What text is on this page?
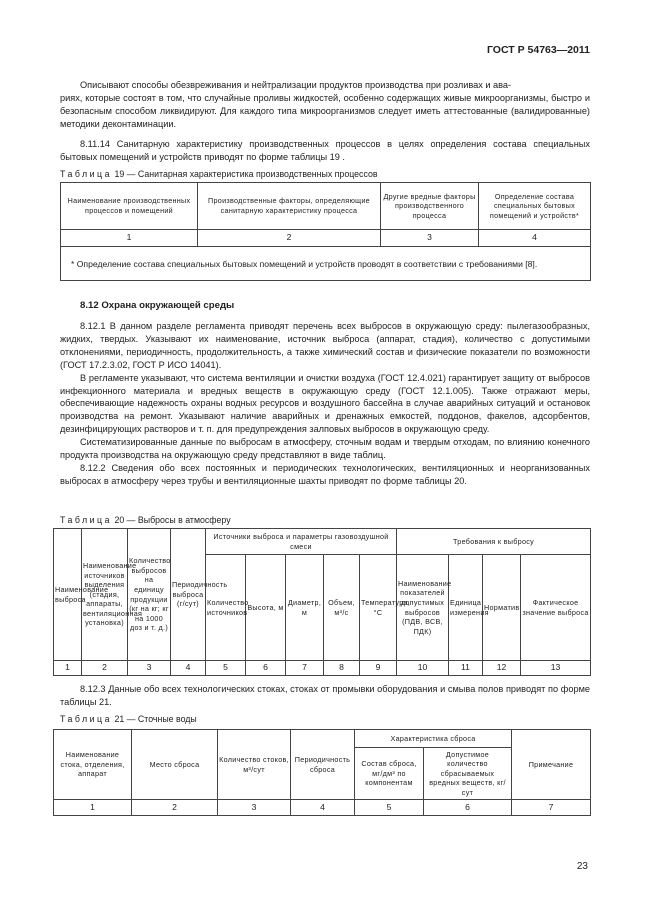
ГОСТ Р 54763—2011

Описывают способы обезвреживания и нейтрализации продуктов производства при розливах и ава-

риях, которые состоят в том, что случайные проливы жидкостей, особенно содержащих живые микроорганизмы, быстро и безопасным способом ликвидируют. Для каждого типа микроорганизмов следует иметь аттестованные (валидированные) методики деконтаминации.

8.11.14 Санитарную характеристику производственных процессов в целях определения состава специальных бытовых помещений и устройств приводят по форме таблицы 19 .

Таблица 19 — Санитарная характеристика производственных процессов
Наименование производственных процессов и помещений	Производственные факторы, определяющие санитарную характеристику процесса	Другие вредные факторы производственного процесса	Определение состава специальных бытовых помещений и устройств*
1	2	3	4
* Определение состава специальных бытовых помещений и устройств проводят в соответствии с требованиями [8].			
8.12 Охрана окружающей среды

8.12.1 В данном разделе регламента приводят перечень всех выбросов в окружающую среду: пылегазообразных, жидких, твердых. Указывают их наименование, источник выброса (аппарат, стадия), количество с допустимыми отклонениями, периодичность, продолжительность, а также химический состав и физические показатели по возможности (ГОСТ 17.2.3.02, ГОСТ Р ИСО 14041).

В регламенте указывают, что система вентиляции и очистки воздуха (ГОСТ 12.4.021) гарантирует защиту от выбросов инфекционного материала и вредных веществ в окружающую среду (ГОСТ 12.1.005). Также отражают меры, обеспечивающие надежность охраны водных ресурсов и воздушного бассейна в случае аварийных ситуаций и остановок производства на ремонт. Указывают наличие аварийных и дренажных емкостей, поддонов, факелов, адсорбентов, дезинфицирующих растворов и т. п. для предупреждения залповых выбросов в окружающую среду.

Систематизированные данные по выбросам в атмосферу, сточным водам и твердым отходам, по влиянию конечного продукта производства на окружающую среду представляют в виде таблиц.

8.12.2 Сведения обо всех постоянных и периодических технологических, вентиляционных и неорганизованных выбросах в атмосферу через трубы и вентиляционные шахты приводят по форме таблицы 20.

Таблица 20 — Выбросы в атмосферу
Наименование выброса	Наименование источников выделения (стадия, аппараты, вентиляционная установка)	Количество выбросов на единицу продукции (кг на кг; кг на 1000 доз и т. д.)	Периодичность выброса (г/сут)	Источники выброса и параметры газовоздушной смеси					Требования к выбросу			
				Количество источников	Высота, м	Диаметр, м	Объем, м³/с	Температура, °С	Наименование показателей допустимых выбросов (ПДВ, ВСВ, ПДК)	Единица измерения	Норматив	Фактическое значение выброса
1	2	3	4	5	6	7	8	9	10	11	12	13

8.12.3 Данные обо всех технологических стоках, стоках от промывки оборудования и смыва полов приводят по форме таблицы 21.

Таблица 21 — Сточные воды
Наименование стока, отделения, аппарат	Место сброса	Количество стоков, м³/сут	Периодичность сброса	Характеристика сброса		Примечание
				Состав сброса, мг/дм³ по компонентам	Допустимое количество сбрасываемых вредных веществ, кг/сут	
1	2	3	4	5	6	7
23
